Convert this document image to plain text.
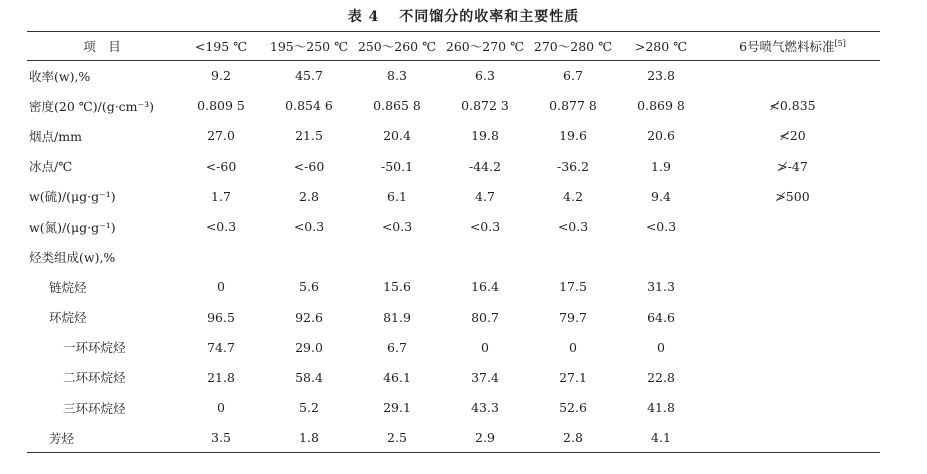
表 4 不同馏分的收率和主要性质
项　目	<195 ℃	195～250 ℃	250～260 ℃	260～270 ℃	270～280 ℃	>280 ℃	6号喷气燃料标准[5]
收率(w),%	9.2	45.7	8.3	6.3	6.7	23.8	
密度(20 ℃)/(g·cm⁻³)	0.809 5	0.854 6	0.865 8	0.872 3	0.877 8	0.869 8	≮0.835
烟点/mm	27.0	21.5	20.4	19.8	19.6	20.6	≮20
冰点/℃	<-60	<-60	-50.1	-44.2	-36.2	1.9	≯-47
w(硫)/(μg·g⁻¹)	1.7	2.8	6.1	4.7	4.2	9.4	≯500
w(氮)/(μg·g⁻¹)	<0.3	<0.3	<0.3	<0.3	<0.3	<0.3	
烃类组成(w),%							
链烷烃	0	5.6	15.6	16.4	17.5	31.3	
环烷烃	96.5	92.6	81.9	80.7	79.7	64.6	
一环环烷烃	74.7	29.0	6.7	0	0	0	
二环环烷烃	21.8	58.4	46.1	37.4	27.1	22.8	
三环环烷烃	0	5.2	29.1	43.3	52.6	41.8	
芳烃	3.5	1.8	2.5	2.9	2.8	4.1	
